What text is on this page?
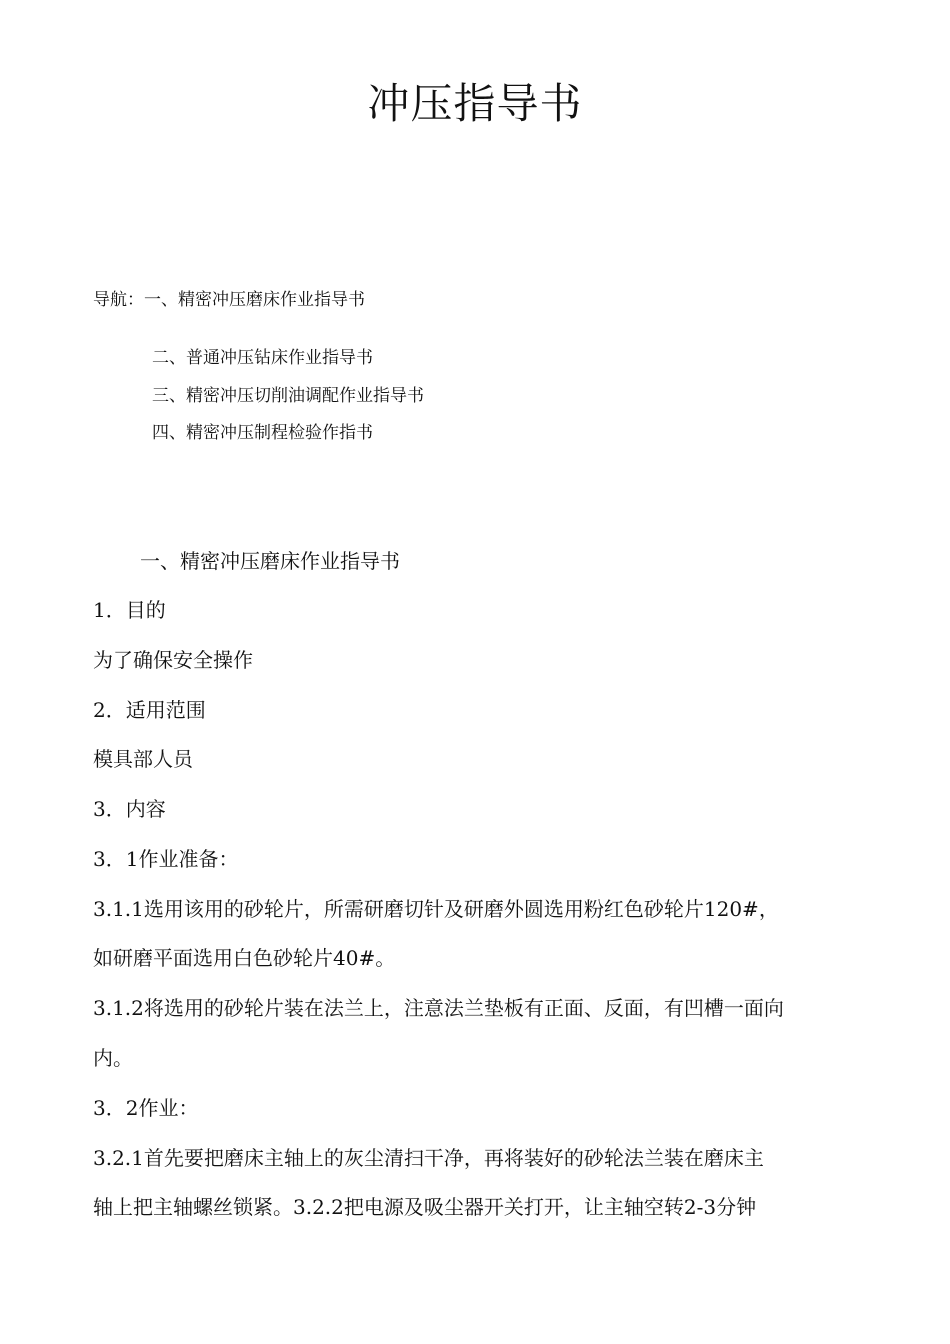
冲压指导书
导航：一、精密冲压磨床作业指导书
二、普通冲压钻床作业指导书
三、精密冲压切削油调配作业指导书
四、精密冲压制程检验作指书
一、精密冲压磨床作业指导书
1．目的
为了确保安全操作
2．适用范围
模具部人员
3．内容
3．1作业准备：
3.1.1选用该用的砂轮片，所需研磨切针及研磨外圆选用粉红色砂轮片120#，
如研磨平面选用白色砂轮片40#。
3.1.2将选用的砂轮片装在法兰上，注意法兰垫板有正面、反面，有凹槽一面向
内。
3．2作业：
3.2.1首先要把磨床主轴上的灰尘清扫干净，再将装好的砂轮法兰装在磨床主
轴上把主轴螺丝锁紧。3.2.2把电源及吸尘器开关打开，让主轴空转2-3分钟
